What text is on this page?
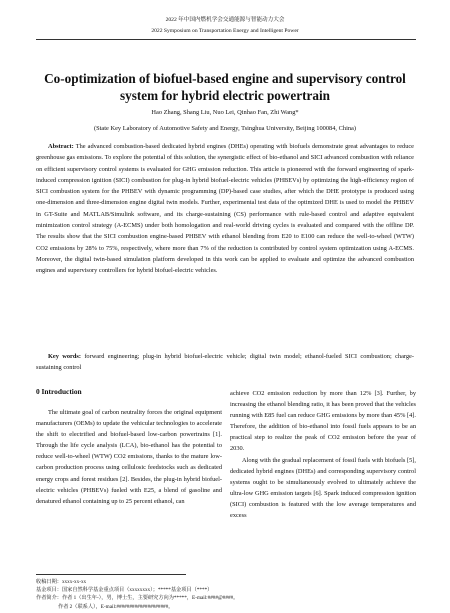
2022 年中国内燃机学会交通能源与智能动力大会
2022 Symposium on Transportation Energy and Intelligent Power
Co-optimization of biofuel-based engine and supervisory control system for hybrid electric powertrain
Hao Zhang, Shang Liu, Nuo Lei, Qinhao Fan, Zhi Wang*
(State Key Laboratory of Automotive Safety and Energy, Tsinghua University, Beijing 100084, China)

Abstract: The advanced combustion-based dedicated hybrid engines (DHEs) operating with biofuels demonstrate great advantages to reduce greenhouse gas emissions. To explore the potential of this solution, the synergistic effect of bio-ethanol and SICI advanced combustion with reliance on efficient supervisory control systems is evaluated for GHG emission reduction. This article is pioneered with the forward engineering of spark-induced compression ignition (SICI) combustion for plug-in hybrid biofuel-electric vehicles (PHBEVs) by optimizing the high-efficiency region of SICI combustion system for the PHBEV with dynamic programming (DP)-based case studies, after which the DHE prototype is produced using one-dimension and three-dimension engine digital twin models. Further, experimental test data of the optimized DHE is used to model the PHBEV in GT-Suite and MATLAB/Simulink software, and its charge-sustaining (CS) performance with rule-based control and adaptive equivalent minimization control strategy (A-ECMS) under both homologation and real-world driving cycles is evaluated and compared with the offline DP. The results show that the SICI combustion engine-based PHBEV with ethanol blending from E20 to E100 can reduce the well-to-wheel (WTW) CO2 emissions by 28% to 75%, respectively, where more than 7% of the reduction is contributed by control system optimization using A-ECMS. Moreover, the digital twin-based simulation platform developed in this work can be applied to evaluate and optimize the advanced combustion engines and supervisory controllers for hybrid biofuel-electric vehicles.

Key words: forward engineering; plug-in hybrid biofuel-electric vehicle; digital twin model; ethanol-fueled SICI combustion; charge-sustaining control

0 Introduction

The ultimate goal of carbon neutrality forces the original equipment manufacturers (OEMs) to update the vehicular technologies to accelerate the shift to electrified and biofuel-based low-carbon powertrains [1]. Through the life cycle analysis (LCA), bio-ethanol has the potential to reduce well-to-wheel (WTW) CO2 emissions, thanks to the mature low-carbon production process using cellulosic feedstocks such as dedicated energy crops and forest residues [2]. Besides, the plug-in hybrid biofuel-electric vehicles (PHBEVs) fueled with E25, a blend of gasoline and denatured ethanol containing up to 25 percent ethanol, can

achieve CO2 emission reduction by more than 12% [3]. Further, by increasing the ethanol blending ratio, it has been proved that the vehicles running with E85 fuel can reduce GHG emissions by more than 45% [4]. Therefore, the addition of bio-ethanol into fossil fuels appears to be an practical step to realize the peak of CO2 emission before the year of 2030.

Along with the gradual replacement of fossil fuels with biofuels [5], dedicated hybrid engines (DHEs) and corresponding supervisory control systems ought to be simultaneously evolved to ultimately achieve the ultra-low GHG emission targets [6]. Spark induced compression ignition (SICI) combustion is featured with the low average temperatures and excess

收稿日期：xxxx-xx-xx
基金项目：国家自然科学基金重点项目（xxxxxxxx）；*****基金项目（****）
作者简介：作者 1（出生年-），男，博士生，主要研究方向为*****，E-mail:####@####。
作者 2（联系人），E-mail:####################。
